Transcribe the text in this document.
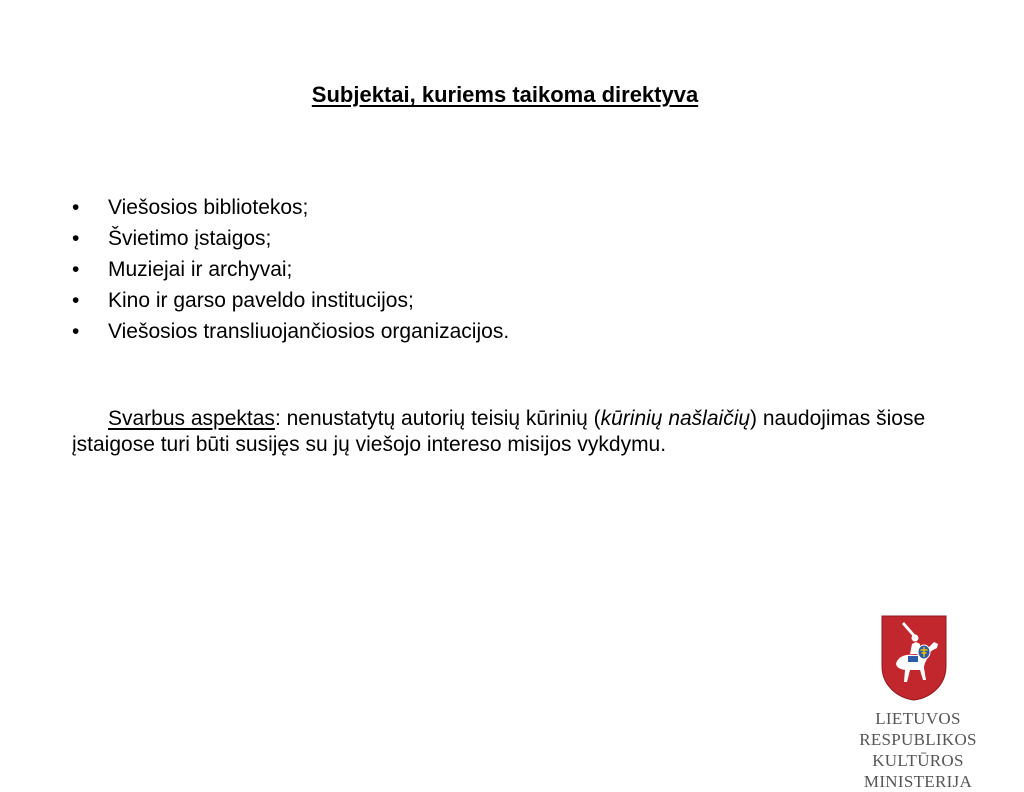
Subjektai, kuriems taikoma direktyva
• Viešosios bibliotekos;
• Švietimo įstaigos;
• Muziejai ir archyvai;
• Kino ir garso paveldo institucijos;
• Viešosios transliuojančiosios organizacijos.

Svarbus aspektas: nenustatytų autorių teisių kūrinių (kūrinių našlaičių) naudojimas šiose įstaigose turi būti susijęs su jų viešojo intereso misijos vykdymu.

LIETUVOS RESPUBLIKOS
KULTŪROS MINISTERIJA
